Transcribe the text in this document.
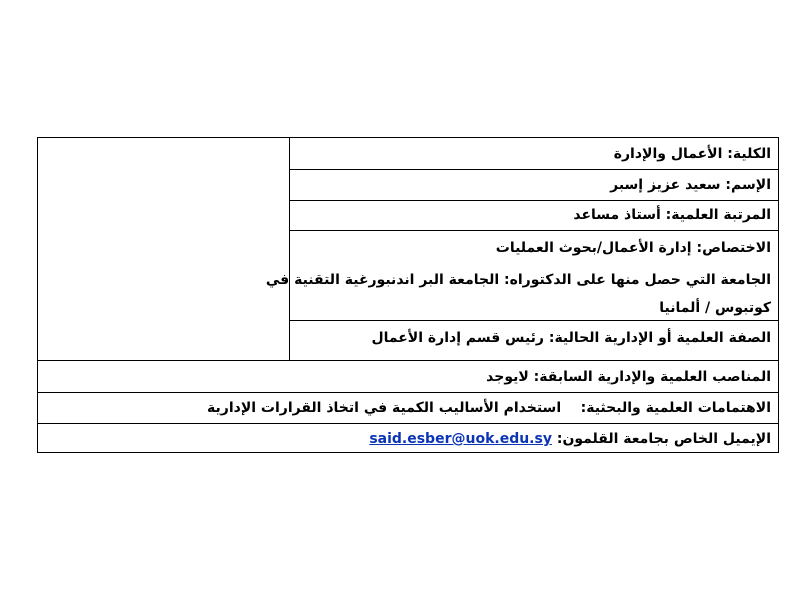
الكلية: الأعمال والإدارة
الإسم: سعيد عزيز إسبر
المرتبة العلمية: أستاذ مساعد
الاختصاص: إدارة الأعمال/بحوث العمليات
الجامعة التي حصل منها على الدكتوراه: الجامعة البر اندنبورغية التقنية في
كوتبوس / ألمانيا
الصفة العلمية أو الإدارية الحالية: رئيس قسم إدارة الأعمال
المناصب العلمية والإدارية السابقة: لايوجد
الاهتمامات العلمية والبحثية:    استخدام الأساليب الكمية في اتخاذ القرارات الإدارية
الإيميل الخاص بجامعة القلمون: said.esber@uok.edu.sy
